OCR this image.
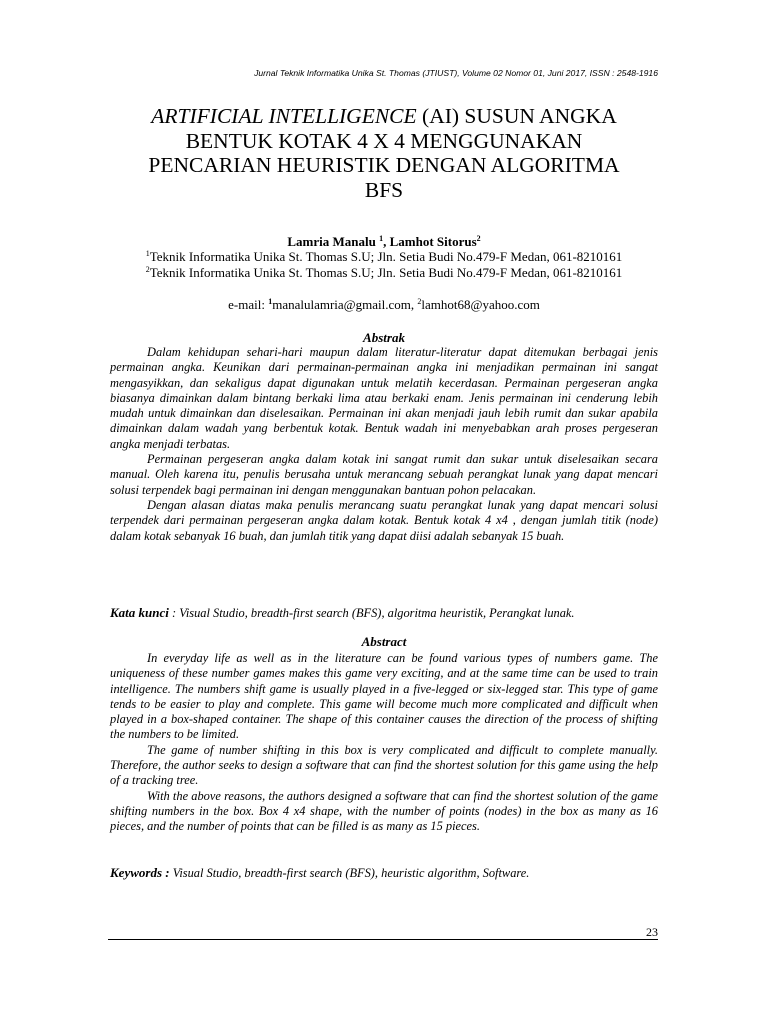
Jurnal Teknik Informatika Unika St. Thomas (JTIUST), Volume 02 Nomor 01, Juni 2017, ISSN : 2548-1916
ARTIFICIAL INTELLIGENCE (AI) SUSUN ANGKA
BENTUK KOTAK 4 X 4 MENGGUNAKAN
PENCARIAN HEURISTIK DENGAN ALGORITMA
BFS
Lamria Manalu $^1$, Lamhot Sitorus$^2$
$^1$Teknik Informatika Unika St. Thomas S.U; Jln. Setia Budi No.479-F Medan, 061-8210161
$^2$Teknik Informatika Unika St. Thomas S.U; Jln. Setia Budi No.479-F Medan, 061-8210161
e-mail: $^1$manalulamria@gmail.com, $^2$lamhot68@yahoo.com
Abstrak

Dalam kehidupan sehari-hari maupun dalam literatur-literatur dapat ditemukan berbagai jenis permainan angka. Keunikan dari permainan-permainan angka ini menjadikan permainan ini sangat mengasyikkan, dan sekaligus dapat digunakan untuk melatih kecerdasan. Permainan pergeseran angka biasanya dimainkan dalam bintang berkaki lima atau berkaki enam. Jenis permainan ini cenderung lebih mudah untuk dimainkan dan diselesaikan. Permainan ini akan menjadi jauh lebih rumit dan sukar apabila dimainkan dalam wadah yang berbentuk kotak. Bentuk wadah ini menyebabkan arah proses pergeseran angka menjadi terbatas.

Permainan pergeseran angka dalam kotak ini sangat rumit dan sukar untuk diselesaikan secara manual. Oleh karena itu, penulis berusaha untuk merancang sebuah perangkat lunak yang dapat mencari solusi terpendek bagi permainan ini dengan menggunakan bantuan pohon pelacakan.

Dengan alasan diatas maka penulis merancang suatu perangkat lunak yang dapat mencari solusi terpendek dari permainan pergeseran angka dalam kotak. Bentuk kotak 4 x4 , dengan jumlah titik (node) dalam kotak sebanyak 16 buah, dan jumlah titik yang dapat diisi adalah sebanyak 15 buah.

Kata kunci : Visual Studio, breadth-first search (BFS), algoritma heuristik, Perangkat lunak.
Abstract

In everyday life as well as in the literature can be found various types of numbers game. The uniqueness of these number games makes this game very exciting, and at the same time can be used to train intelligence. The numbers shift game is usually played in a five-legged or six-legged star. This type of game tends to be easier to play and complete. This game will become much more complicated and difficult when played in a box-shaped container. The shape of this container causes the direction of the process of shifting the numbers to be limited.

The game of number shifting in this box is very complicated and difficult to complete manually. Therefore, the author seeks to design a software that can find the shortest solution for this game using the help of a tracking tree.

With the above reasons, the authors designed a software that can find the shortest solution of the game shifting numbers in the box. Box 4 x4 shape, with the number of points (nodes) in the box as many as 16 pieces, and the number of points that can be filled is as many as 15 pieces.

Keywords : Visual Studio, breadth-first search (BFS), heuristic algorithm, Software.
23
